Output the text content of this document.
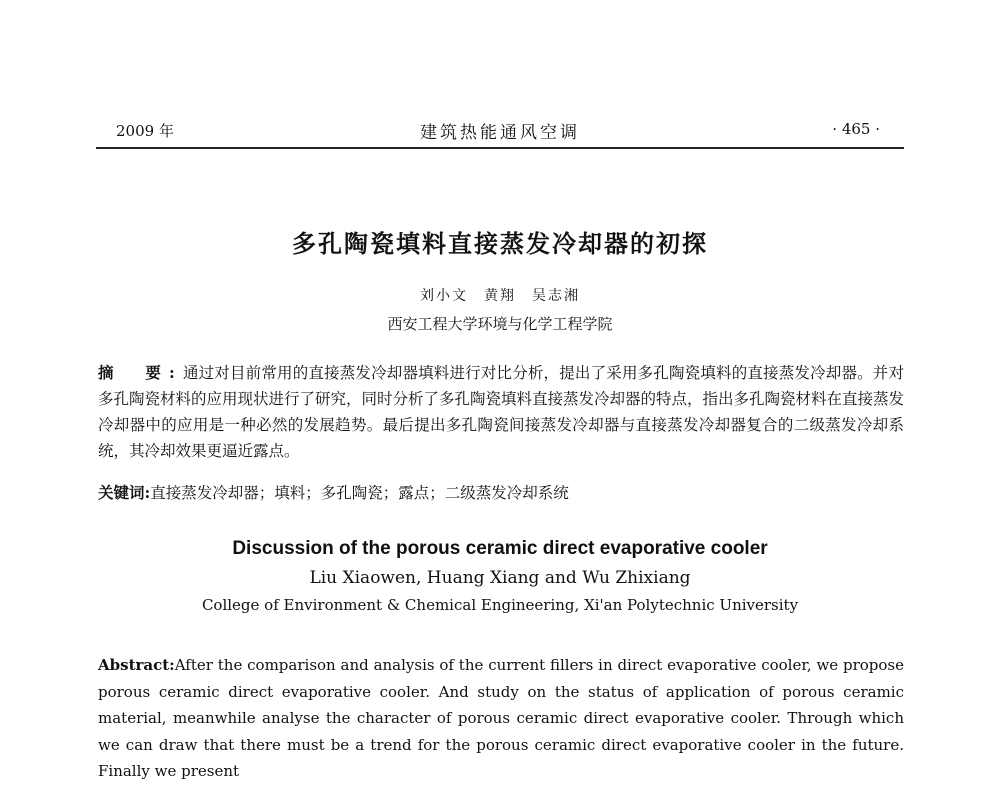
2009 年	建筑热能通风空调	· 465 ·
多孔陶瓷填料直接蒸发冷却器的初探
刘小文　黄翔　吴志湘
西安工程大学环境与化学工程学院
摘　要:通过对目前常用的直接蒸发冷却器填料进行对比分析，提出了采用多孔陶瓷填料的直接蒸发冷却器。并对多孔陶瓷材料的应用现状进行了研究，同时分析了多孔陶瓷填料直接蒸发冷却器的特点，指出多孔陶瓷材料在直接蒸发冷却器中的应用是一种必然的发展趋势。最后提出多孔陶瓷间接蒸发冷却器与直接蒸发冷却器复合的二级蒸发冷却系统，其冷却效果更逼近露点。
关键词:直接蒸发冷却器；填料；多孔陶瓷；露点；二级蒸发冷却系统
Discussion of the porous ceramic direct evaporative cooler
Liu Xiaowen, Huang Xiang and Wu Zhixiang
College of Environment & Chemical Engineering, Xi'an Polytechnic University
Abstract:After the comparison and analysis of the current fillers in direct evaporative cooler, we propose porous ceramic direct evaporative cooler. And study on the status of application of porous ceramic material, meanwhile analyse the character of porous ceramic direct evaporative cooler. Through which we can draw that there must be a trend for the porous ceramic direct evaporative cooler in the future. Finally we present
